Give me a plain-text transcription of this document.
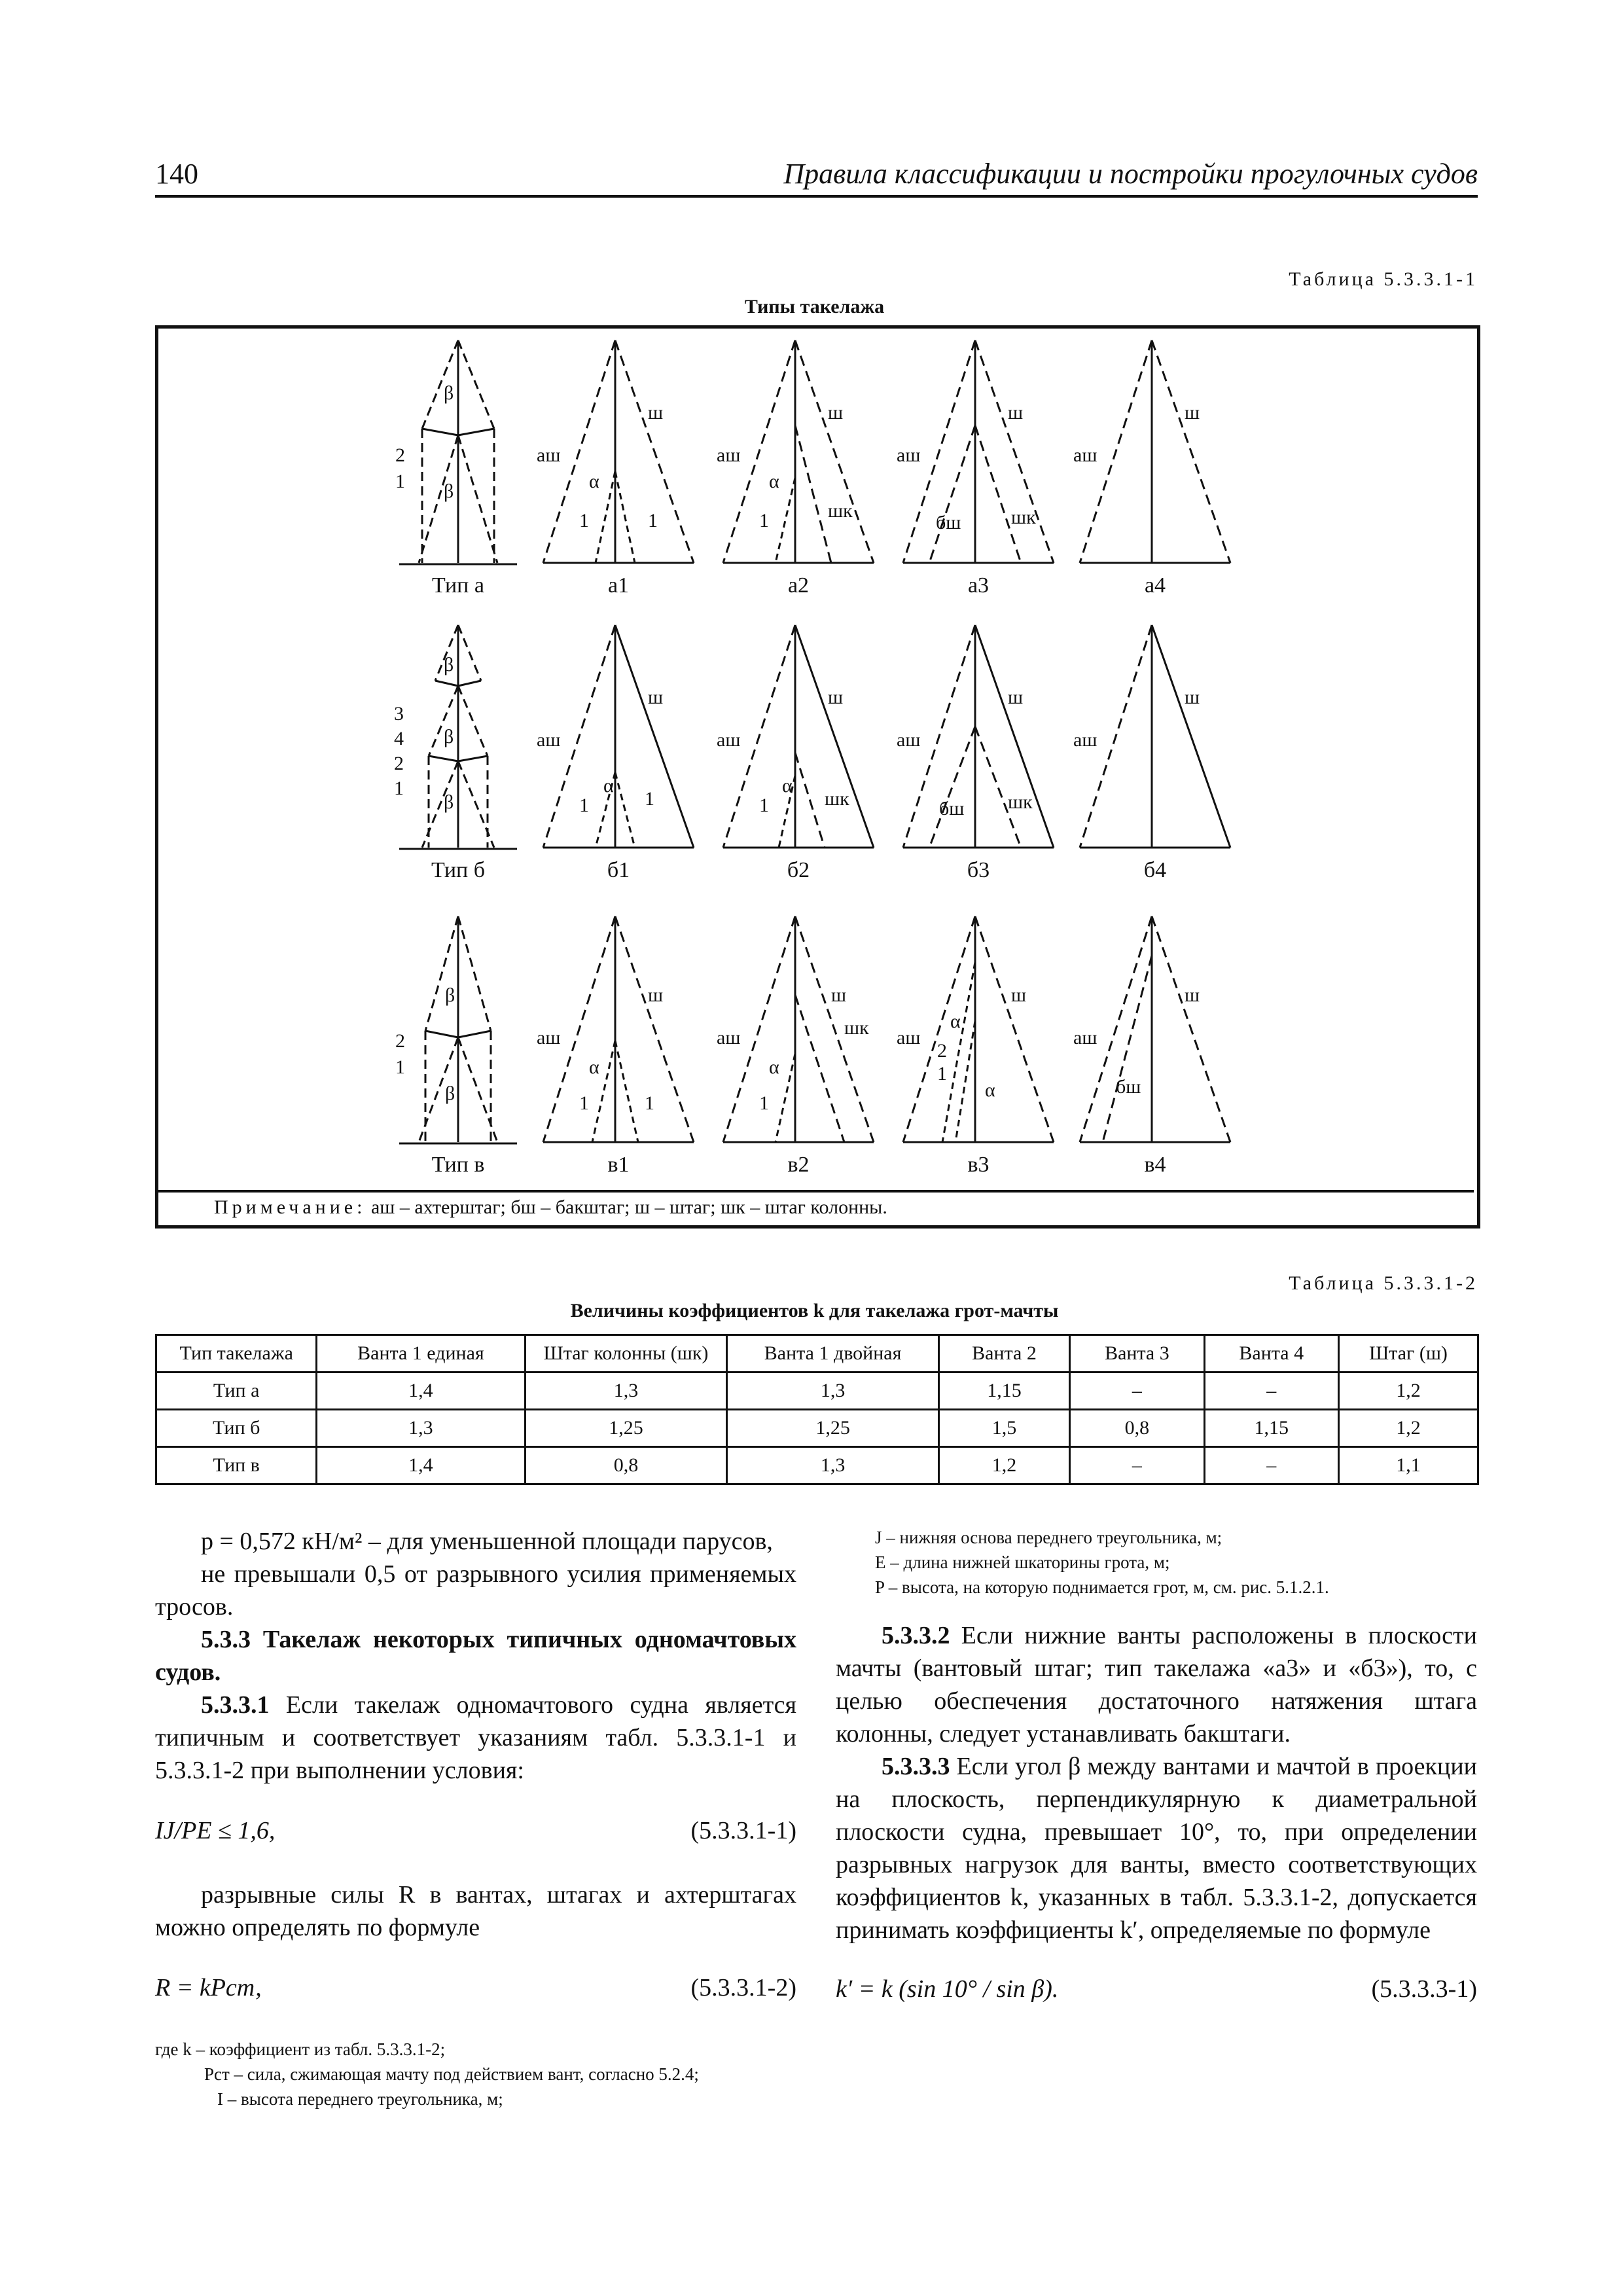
140	Правила классификации и постройки прогулочных судов
Таблица 5.3.3.1-1
Типы такелажа
Тип а	а1	а2	а3	а4
Тип б	б1	б2	б3	б4
Тип в	в1	в2	в3	в4
β
β
2
1
аш
ш
α
1	1
аш
ш
α
1	шк
аш
ш
бш	шк
аш
ш
β
β
β
3
4
2
1
аш
ш
α
1	1
аш
ш
α
1	шк
аш
ш
бш шк
аш
ш
β
β
2
1
аш
ш
α
1	1
аш
ш
шк
α
1
аш
ш
α
2
1
α
аш
ш
бш
Примечание: аш – ахтерштаг; бш – бакштаг; ш – штаг; шк – штаг колонны.
Таблица 5.3.3.1-2
Величины коэффициентов k для такелажа грот-мачты
Тип такелажа	Ванта 1 единая	Штаг колонны (шк)	Ванта 1 двойная	Ванта 2	Ванта 3	Ванта 4	Штаг (ш)
Тип а	1,4	1,3	1,3	1,15	–	–	1,2
Тип б	1,3	1,25	1,25	1,5	0,8	1,15	1,2
Тип в	1,4	0,8	1,3	1,2	–	–	1,1
p = 0,572 кН/м² – для уменьшенной площади парусов,
не превышали 0,5 от разрывного усилия применяемых тросов.
5.3.3 Такелаж некоторых типичных одномачтовых судов.
5.3.3.1 Если такелаж одномачтового судна является типичным и соответствует указаниям табл. 5.3.3.1-1 и 5.3.3.1-2 при выполнении условия:
IJ/PE ≤ 1,6,	(5.3.3.1-1)
разрывные силы R в вантах, штагах и ахтерштагах можно определять по формуле
R = kPст,	(5.3.3.1-2)
где k – коэффициент из табл. 5.3.3.1-2;
Pст – сила, сжимающая мачту под действием вант, согласно 5.2.4;
I – высота переднего треугольника, м;
J – нижняя основа переднего треугольника, м;
E – длина нижней шкаторины грота, м;
P – высота, на которую поднимается грот, м, см. рис. 5.1.2.1.
5.3.3.2 Если нижние ванты расположены в плоскости мачты (вантовый штаг; тип такелажа «а3» и «б3»), то, с целью обеспечения достаточного натяжения штага колонны, следует устанавливать бакштаги.
5.3.3.3 Если угол β между вантами и мачтой в проекции на плоскость, перпендикулярную к диаметральной плоскости судна, превышает 10°, то, при определении разрывных нагрузок для ванты, вместо соответствующих коэффициентов k, указанных в табл. 5.3.3.1-2, допускается принимать коэффициенты k′, определяемые по формуле
k′ = k (sin 10° / sin β).	(5.3.3.3-1)
